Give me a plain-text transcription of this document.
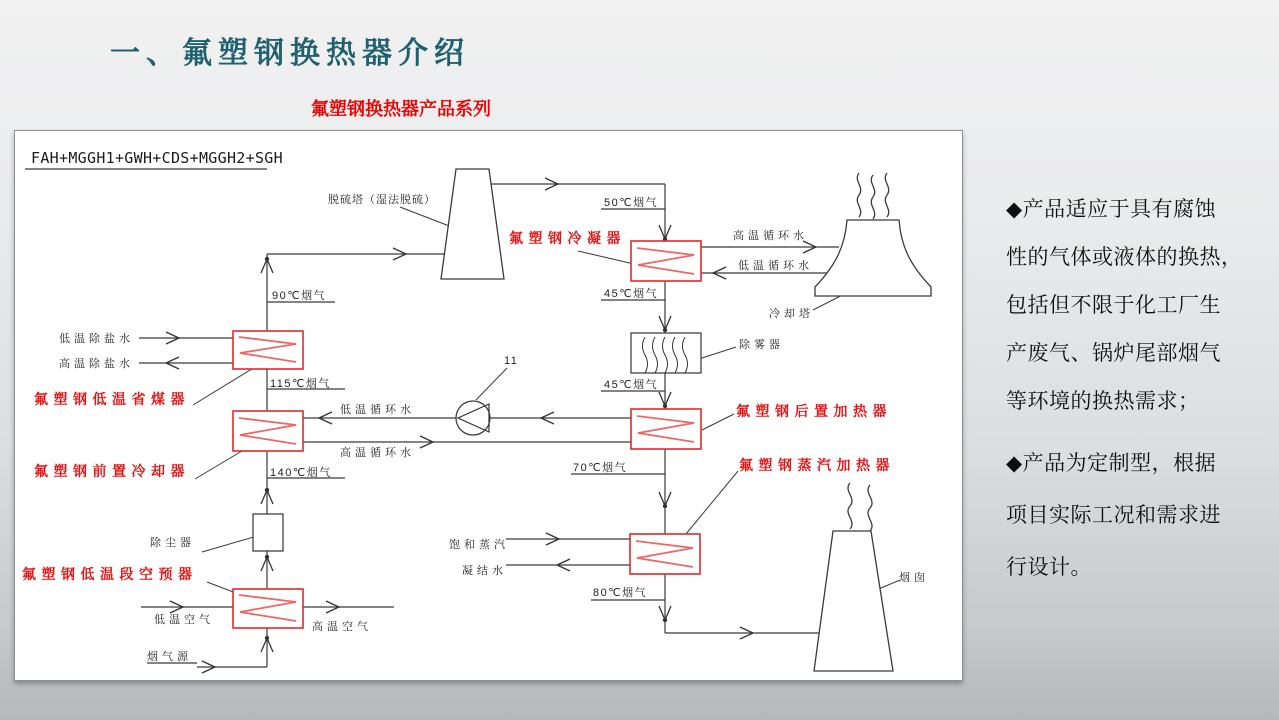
一、氟塑钢换热器介绍
氟塑钢换热器产品系列
FAH+MGGH1+GWH+CDS+MGGH2+SGH
脱硫塔（湿法脱硫）
氟塑钢冷凝器
冷却塔
除雾器
氟塑钢后置加热器
氟塑钢蒸汽加热器
氟塑钢低温省煤器
氟塑钢前置冷却器
除尘器
氟塑钢低温段空预器	烟囱
11
90℃烟气
115℃烟气
140℃烟气
50℃烟气
45℃烟气
45℃烟气
70℃烟气
80℃烟气
高温循环水
低温循环水
低温循环水
高温循环水
低温除盐水
高温除盐水
饱和蒸汽
凝结水
低温空气
高温空气
烟气源
◆产品适应于具有腐蚀
性的气体或液体的换热，
包括但不限于化工厂生
产废气、锅炉尾部烟气
等环境的换热需求；
◆产品为定制型，根据
项目实际工况和需求进
行设计。
